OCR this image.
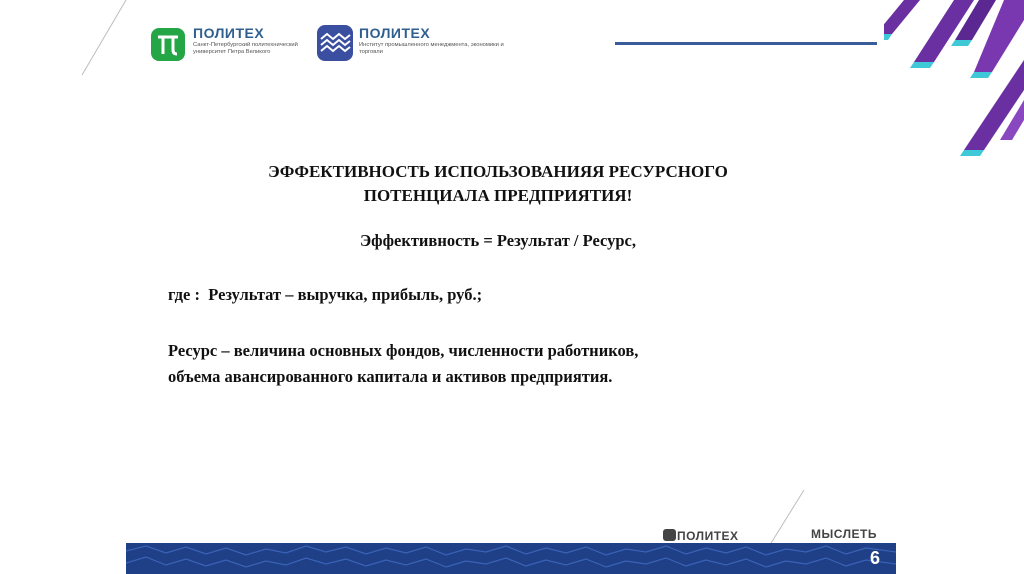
ПОЛИТЕХ
Санкт-Петербургский политехнический университет Петра Великого
ПОЛИТЕХ
Институт промышленного менеджмента, экономики и торговли
ЭФФЕКТИВНОСТЬ ИСПОЛЬЗОВАНИЯЯ РЕСУРСНОГО
ПОТЕНЦИАЛА ПРЕДПРИЯТИЯ!
Эффективность = Результат / Ресурс,
где :  Результат – выручка, прибыль, руб.;
Ресурс – величина основных фондов, численности работников,
объема авансированного капитала и активов предприятия.
ПОЛИТЕХ	МЫСЛЕТЬ
6
